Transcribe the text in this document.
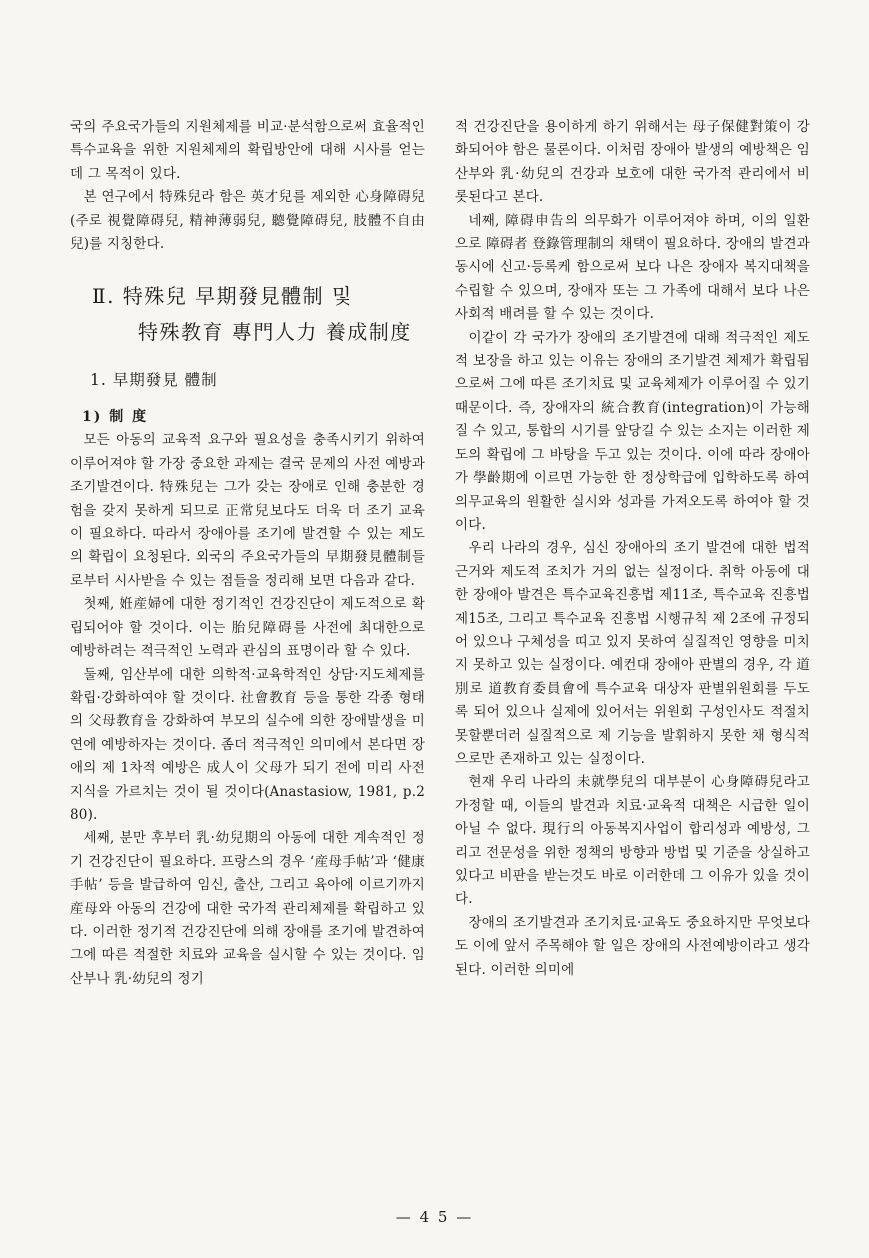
국의 주요국가들의 지원체제를 비교·분석함으로써 효율적인 특수교육을 위한 지원체제의 확립방안에 대해 시사를 얻는데 그 목적이 있다.

본 연구에서 特殊兒라 함은 英才兒를 제외한 心身障碍兒(주로 視覺障碍兒, 精神薄弱兒, 聽覺障碍兒, 肢體不自由兒)를 지칭한다.

Ⅱ. 特殊兒 早期發見體制 및
特殊教育 專門人力 養成制度
1. 早期發見 體制
1) 制 度

모든 아동의 교육적 요구와 필요성을 충족시키기 위하여 이루어져야 할 가장 중요한 과제는 결국 문제의 사전 예방과 조기발견이다. 特殊兒는 그가 갖는 장애로 인해 충분한 경험을 갖지 못하게 되므로 正常兒보다도 더욱 더 조기 교육이 필요하다. 따라서 장애아를 조기에 발견할 수 있는 제도의 확립이 요청된다. 외국의 주요국가들의 早期發見體制들로부터 시사받을 수 있는 점들을 정리해 보면 다음과 같다.

첫째, 姙産婦에 대한 정기적인 건강진단이 제도적으로 확립되어야 할 것이다. 이는 胎兒障碍를 사전에 최대한으로 예방하려는 적극적인 노력과 관심의 표명이라 할 수 있다.

둘째, 임산부에 대한 의학적·교육학적인 상담·지도체제를 확립·강화하여야 할 것이다. 社會教育 등을 통한 각종 형태의 父母教育을 강화하여 부모의 실수에 의한 장애발생을 미연에 예방하자는 것이다. 좀더 적극적인 의미에서 본다면 장애의 제 1차적 예방은 成人이 父母가 되기 전에 미리 사전지식을 가르치는 것이 될 것이다(Anastasiow, 1981, p.280).

세째, 분만 후부터 乳·幼兒期의 아동에 대한 계속적인 정기 건강진단이 필요하다. 프랑스의 경우 ‘産母手帖’과 ‘健康手帖’ 등을 발급하여 임신, 출산, 그리고 육아에 이르기까지 産母와 아동의 건강에 대한 국가적 관리체제를 확립하고 있다. 이러한 정기적 건강진단에 의해 장애를 조기에 발견하여 그에 따른 적절한 치료와 교육을 실시할 수 있는 것이다. 임산부나 乳·幼兒의 정기

적 건강진단을 용이하게 하기 위해서는 母子保健對策이 강화되어야 함은 물론이다. 이처럼 장애아 발생의 예방책은 임산부와 乳·幼兒의 건강과 보호에 대한 국가적 관리에서 비롯된다고 본다.

네째, 障碍申告의 의무화가 이루어져야 하며, 이의 일환으로 障碍者 登錄管理制의 채택이 필요하다. 장애의 발견과 동시에 신고·등록케 함으로써 보다 나은 장애자 복지대책을 수립할 수 있으며, 장애자 또는 그 가족에 대해서 보다 나은 사회적 배려를 할 수 있는 것이다.

이같이 각 국가가 장애의 조기발견에 대해 적극적인 제도적 보장을 하고 있는 이유는 장애의 조기발견 체제가 확립됨으로써 그에 따른 조기치료 및 교육체제가 이루어질 수 있기 때문이다. 즉, 장애자의 統合教育(integration)이 가능해질 수 있고, 통합의 시기를 앞당길 수 있는 소지는 이러한 제도의 확립에 그 바탕을 두고 있는 것이다. 이에 따라 장애아가 學齡期에 이르면 가능한 한 정상학급에 입학하도록 하여 의무교육의 원활한 실시와 성과를 가져오도록 하여야 할 것이다.

우리 나라의 경우, 심신 장애아의 조기 발견에 대한 법적 근거와 제도적 조치가 거의 없는 실정이다. 취학 아동에 대한 장애아 발견은 특수교육진흥법 제11조, 특수교육 진흥법 제15조, 그리고 특수교육 진흥법 시행규칙 제 2조에 규정되어 있으나 구체성을 띠고 있지 못하여 실질적인 영향을 미치지 못하고 있는 실정이다. 예컨대 장애아 판별의 경우, 각 道別로 道教育委員會에 특수교육 대상자 판별위원회를 두도록 되어 있으나 실제에 있어서는 위원회 구성인사도 적절치 못할뿐더러 실질적으로 제 기능을 발휘하지 못한 채 형식적으로만 존재하고 있는 실정이다.

현재 우리 나라의 未就學兒의 대부분이 心身障碍兒라고 가정할 때, 이들의 발견과 치료·교육적 대책은 시급한 일이 아닐 수 없다. 現行의 아동복지사업이 합리성과 예방성, 그리고 전문성을 위한 정책의 방향과 방법 및 기준을 상실하고 있다고 비판을 받는것도 바로 이러한데 그 이유가 있을 것이다.

장애의 조기발견과 조기치료·교육도 중요하지만 무엇보다도 이에 앞서 주목해야 할 일은 장애의 사전예방이라고 생각된다. 이러한 의미에

— 4 5 —
